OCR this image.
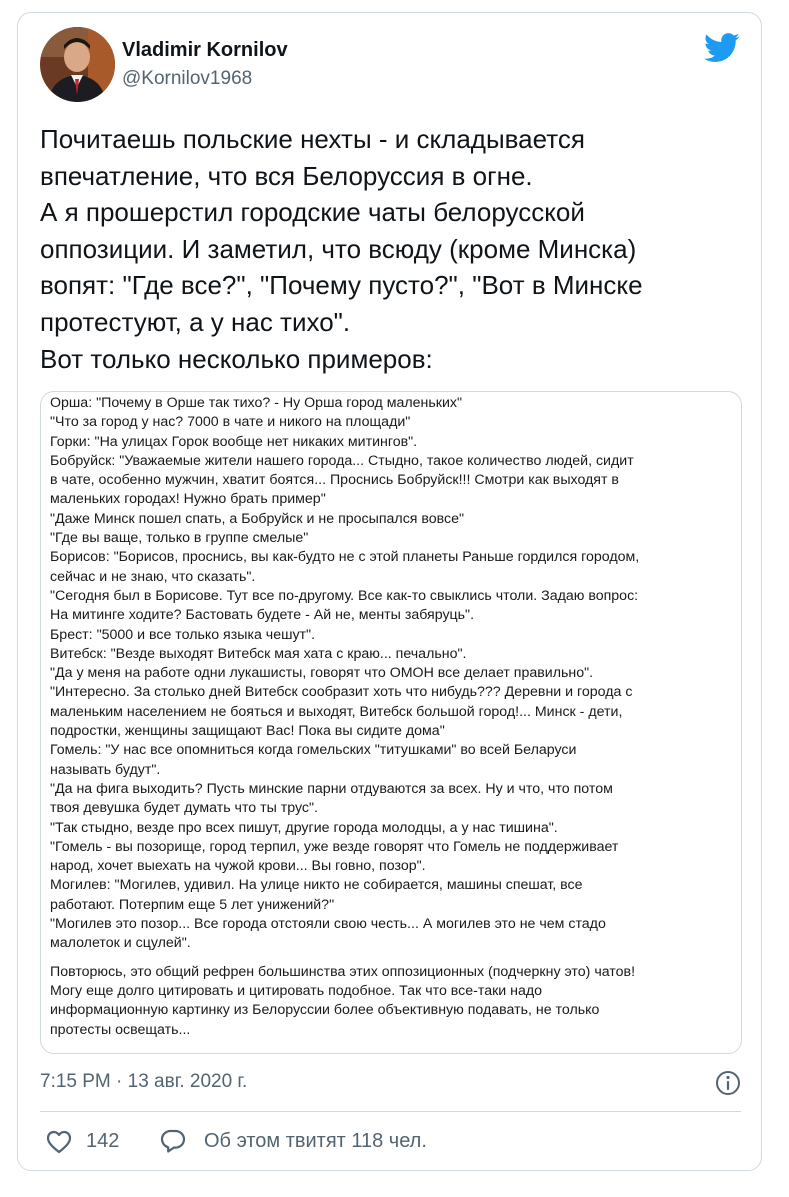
Vladimir Kornilov
@Kornilov1968
Почитаешь польские нехты - и складывается
впечатление, что вся Белоруссия в огне.
А я прошерстил городские чаты белорусской
оппозиции. И заметил, что всюду (кроме Минска)
вопят: "Где все?", "Почему пусто?", "Вот в Минске
протестуют, а у нас тихо".
Вот только несколько примеров:
Орша: "Почему в Орше так тихо? - Ну Орша город маленьких"
"Что за город у нас? 7000 в чате и никого на площади"
Горки: "На улицах Горок вообще нет никаких митингов".
Бобруйск: "Уважаемые жители нашего города... Стыдно, такое количество людей, сидит
в чате, особенно мужчин, хватит боятся... Проснись Бобруйск!!! Смотри как выходят в
маленьких городах! Нужно брать пример"
"Даже Минск пошел спать, а Бобруйск и не просыпался вовсе"
"Где вы ваще, только в группе смелые"
Борисов: "Борисов, проснись, вы как-будто не с этой планеты Раньше гордился городом,
сейчас и не знаю, что сказать".
"Сегодня был в Борисове. Тут все по-другому. Все как-то свыклись чтоли. Задаю вопрос:
На митинге ходите? Бастовать будете - Ай не, менты забяруць".
Брест: "5000 и все только языка чешут".
Витебск: "Везде выходят Витебск мая хата с краю... печально".
"Да у меня на работе одни лукашисты, говорят что ОМОН все делает правильно".
"Интересно. За столько дней Витебск сообразит хоть что нибудь??? Деревни и города с
маленьким населением не бояться и выходят, Витебск большой город!... Минск - дети,
подростки, женщины защищают Вас! Пока вы сидите дома"
Гомель: "У нас все опомниться когда гомельских "титушками" во всей Беларуси
называть будут".
"Да на фига выходить? Пусть минские парни отдуваются за всех. Ну и что, что потом
твоя девушка будет думать что ты трус".
"Так стыдно, везде про всех пишут, другие города молодцы, а у нас тишина".
"Гомель - вы позорище, город терпил, уже везде говорят что Гомель не поддерживает
народ, хочет выехать на чужой крови... Вы говно, позор".
Могилев: "Могилев, удивил. На улице никто не собирается, машины спешат, все
работают. Потерпим еще 5 лет унижений?"
"Могилев это позор... Все города отстояли свою честь... А могилев это не чем стадо
малолеток и сцулей".
Повторюсь, это общий рефрен большинства этих оппозиционных (подчеркну это) чатов!
Могу еще долго цитировать и цитировать подобное. Так что все-таки надо
информационную картинку из Белоруссии более объективную подавать, не только
протесты освещать...
7:15 PM · 13 авг. 2020 г.
142	Об этом твитят 118 чел.
